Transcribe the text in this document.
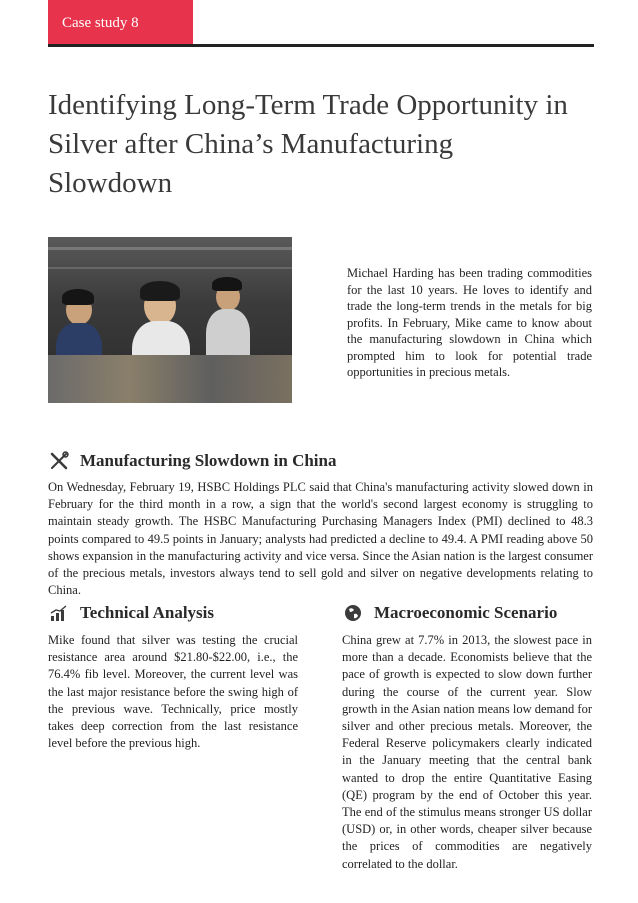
Case study 8
Identifying Long-Term Trade Opportunity in Silver after China’s Manufacturing Slowdown

Michael Harding has been trading commodities for the last 10 years. He loves to identify and trade the long-term trends in the metals for big profits. In February, Mike came to know about the manufacturing slowdown in China which prompted him to look for potential trade opportunities in precious metals.

Manufacturing Slowdown in China

On Wednesday, February 19, HSBC Holdings PLC said that China's manufacturing activity slowed down in February for the third month in a row, a sign that the world's second largest economy is struggling to maintain steady growth. The HSBC Manufacturing Purchasing Managers Index (PMI) declined to 48.3 points compared to 49.5 points in January; analysts had predicted a decline to 49.4. A PMI reading above 50 shows expansion in the manufacturing activity and vice versa. Since the Asian nation is the largest consumer of the precious metals, investors always tend to sell gold and silver on negative developments relating to China.

Technical Analysis

Mike found that silver was testing the crucial resistance area around $21.80-$22.00, i.e., the 76.4% fib level. Moreover, the current level was the last major resistance before the swing high of the previous wave. Technically, price mostly takes deep correction from the last resistance level before the previous high.

Macroeconomic Scenario

China grew at 7.7% in 2013, the slowest pace in more than a decade. Economists believe that the pace of growth is expected to slow down further during the course of the current year. Slow growth in the Asian nation means low demand for silver and other precious metals. Moreover, the Federal Reserve policymakers clearly indicated in the January meeting that the central bank wanted to drop the entire Quantitative Easing (QE) program by the end of October this year. The end of the stimulus means stronger US dollar (USD) or, in other words, cheaper silver because the prices of commodities are negatively correlated to the dollar.
